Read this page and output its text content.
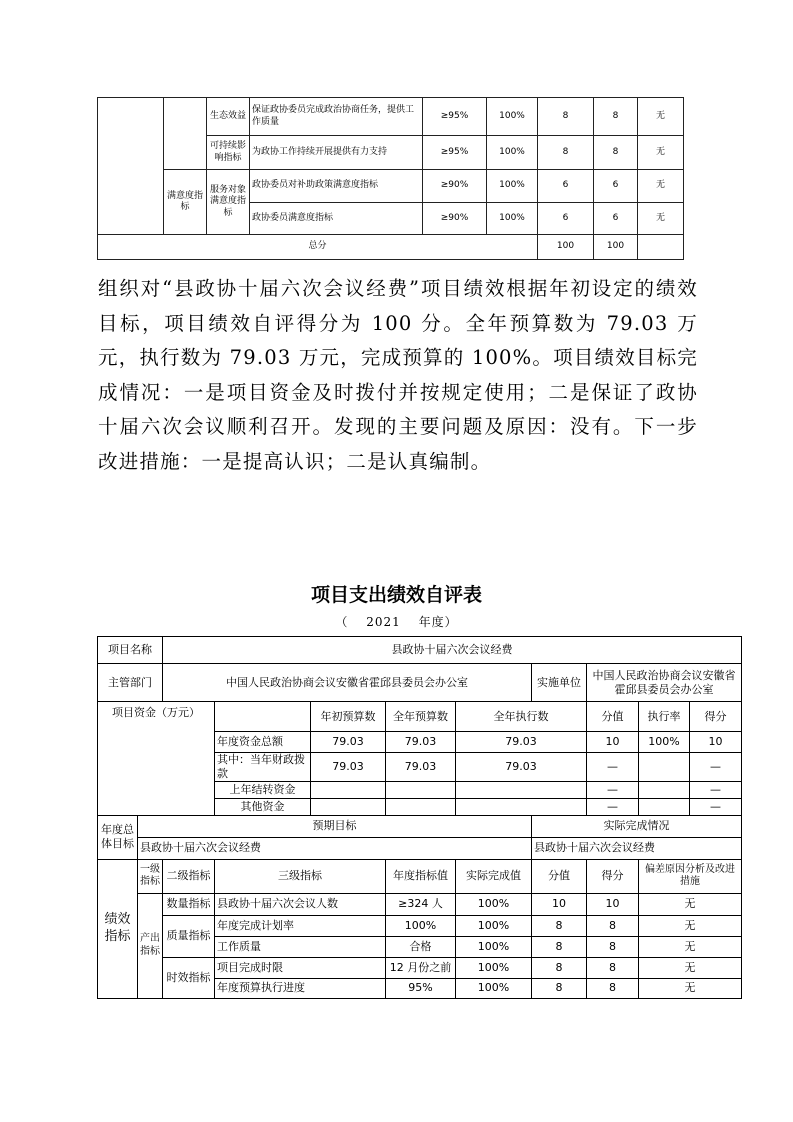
		生态效益	保证政协委员完成政治协商任务，提供工作质量	≥95%	100%	8	8	无
		可持续影响指标	为政协工作持续开展提供有力支持	≥95%	100%	8	8	无
	满意度指标	服务对象满意度指标	政协委员对补助政策满意度指标	≥90%	100%	6	6	无
			政协委员满意度指标	≥90%	100%	6	6	无
总分						100	100	

组织对“县政协十届六次会议经费”项目绩效根据年初设定的绩效目标，项目绩效自评得分为 100 分。全年预算数为 79.03 万元，执行数为 79.03 万元，完成预算的 100%。项目绩效目标完成情况：一是项目资金及时拨付并按规定使用；二是保证了政协十届六次会议顺利召开。发现的主要问题及原因：没有。下一步改进措施：一是提高认识；二是认真编制。

项目支出绩效自评表

（　 2021　 年度）

项目名称		县政协十届六次会议经费								
主管部门		中国人民政治协商会议安徽省霍邱县委员会办公室					实施单位	中国人民政治协商会议安徽省霍邱县委员会办公室		
项目资金（万元）				年初预算数	全年预算数	全年执行数		分值	执行率	得分
			年度资金总额	79.03	79.03	79.03		10	100%	10
			其中：当年财政拨款	79.03	79.03	79.03		—		—
			上年结转资金					—		—
			其他资金					—		—
年度总体目标	预期目标						实际完成情况			
	县政协十届六次会议经费						县政协十届六次会议经费			
绩效指标	一级指标	二级指标	三级指标		年度指标值	实际完成值	分值	得分	偏差原因分析及改进措施	
	产出指标	数量指标	县政协十届六次会议人数		≥324 人	100%	10	10	无	
		质量指标	年度完成计划率		100%	100%	8	8	无	
			工作质量		合格	100%	8	8	无	
		时效指标	项目完成时限		12 月份之前	100%	8	8	无	
			年度预算执行进度		95%	100%	8	8	无	
